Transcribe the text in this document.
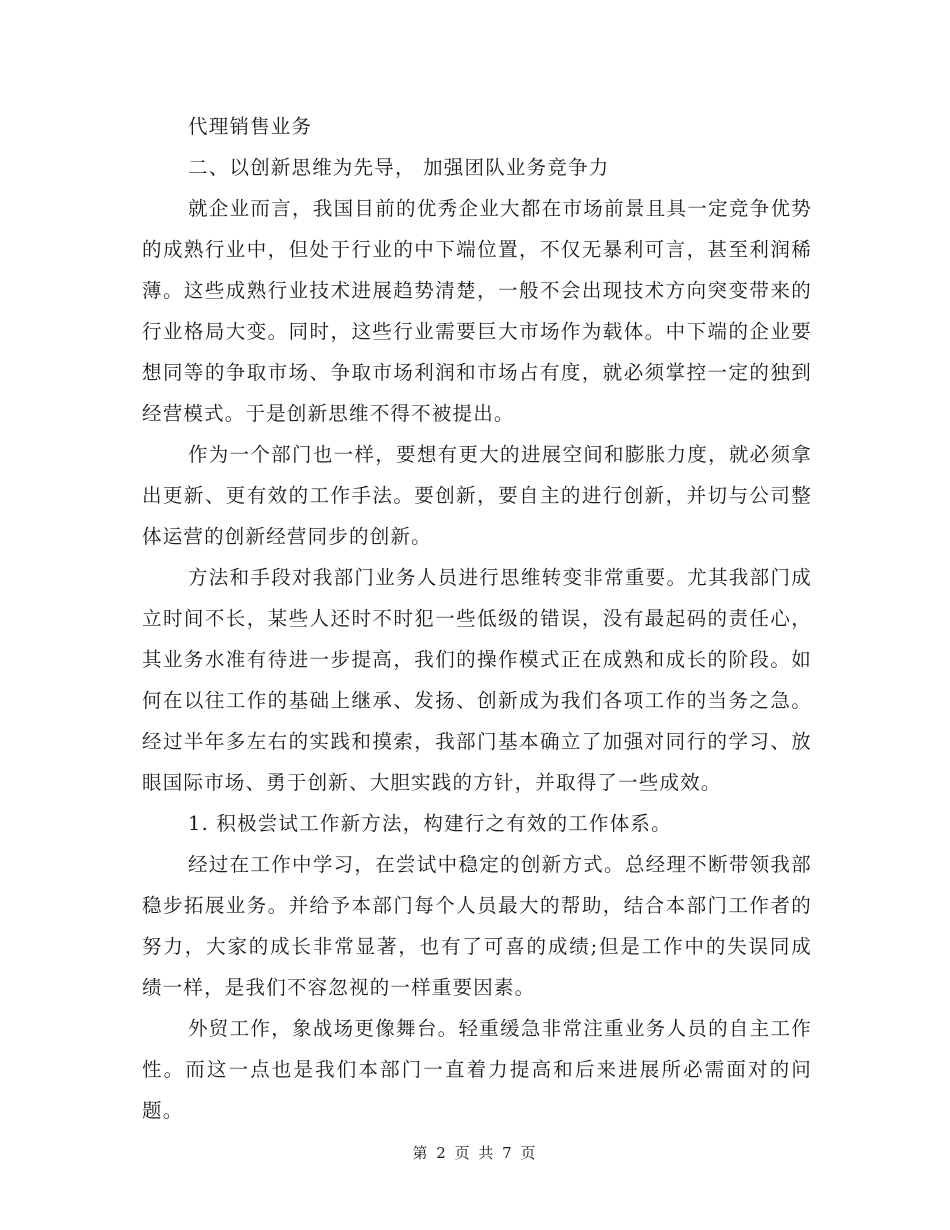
代理销售业务

二、以创新思维为先导， 加强团队业务竞争力

就企业而言，我国目前的优秀企业大都在市场前景且具一定竞争优势的成熟行业中，但处于行业的中下端位置，不仅无暴利可言，甚至利润稀薄。这些成熟行业技术进展趋势清楚，一般不会出现技术方向突变带来的行业格局大变。同时，这些行业需要巨大市场作为载体。中下端的企业要想同等的争取市场、争取市场利润和市场占有度，就必须掌控一定的独到经营模式。于是创新思维不得不被提出。

作为一个部门也一样，要想有更大的进展空间和膨胀力度，就必须拿出更新、更有效的工作手法。要创新，要自主的进行创新，并切与公司整体运营的创新经营同步的创新。

方法和手段对我部门业务人员进行思维转变非常重要。尤其我部门成立时间不长，某些人还时不时犯一些低级的错误，没有最起码的责任心，其业务水准有待进一步提高，我们的操作模式正在成熟和成长的阶段。如何在以往工作的基础上继承、发扬、创新成为我们各项工作的当务之急。经过半年多左右的实践和摸索，我部门基本确立了加强对同行的学习、放眼国际市场、勇于创新、大胆实践的方针，并取得了一些成效。

1. 积极尝试工作新方法，构建行之有效的工作体系。

经过在工作中学习，在尝试中稳定的创新方式。总经理不断带领我部稳步拓展业务。并给予本部门每个人员最大的帮助，结合本部门工作者的努力，大家的成长非常显著，也有了可喜的成绩;但是工作中的失误同成绩一样，是我们不容忽视的一样重要因素。

外贸工作，象战场更像舞台。轻重缓急非常注重业务人员的自主工作性。而这一点也是我们本部门一直着力提高和后来进展所必需面对的问题。

第 2 页 共 7 页
